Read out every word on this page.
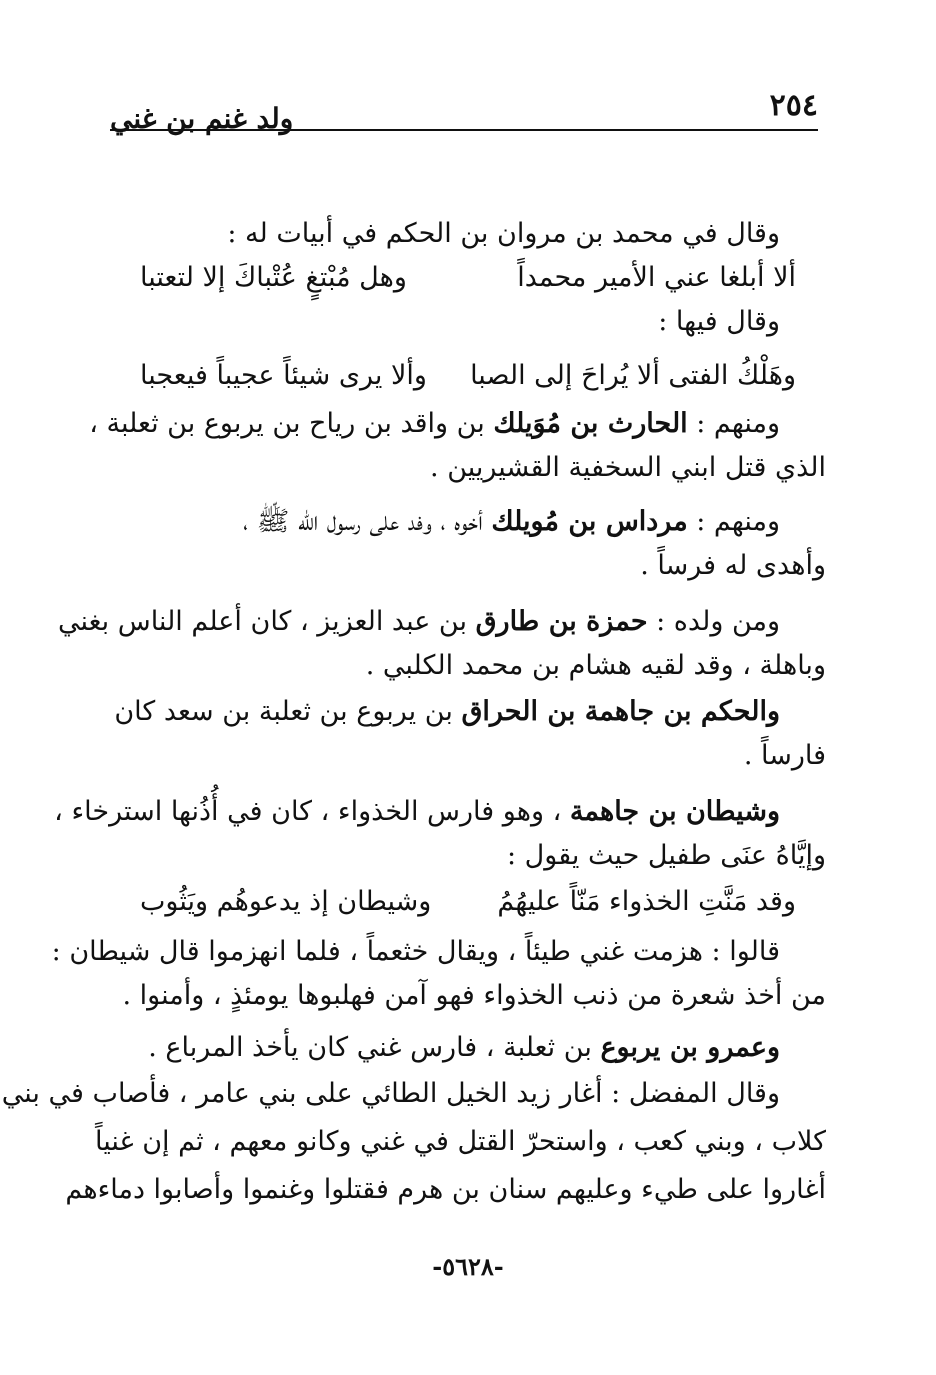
٢٥٤
ولد غنم بن غني
وقال في محمد بن مروان بن الحكم في أبيات له :
ألا أبلغا عني الأمير محمداً
وهل مُبْتغٍ عُتْباكَ إلا لتعتبا
وقال فيها :
وهَلْكُ الفتى ألا يُراحَ إلى الصبا
وألا يرى شيئاً عجيباً فيعجبا
ومنهم : الحارث بن مُوَيلك بن واقد بن رياح بن يربوع بن ثعلبة ،
الذي قتل ابني السخفية القشيريين .
ومنهم : مرداس بن مُويلك أخوه ، وفد على رسول الله ﷺ ،
وأهدى له فرساً .
ومن ولده : حمزة بن طارق بن عبد العزيز ، كان أعلم الناس بغني
وباهلة ، وقد لقيه هشام بن محمد الكلبي .
والحكم بن جاهمة بن الحراق بن يربوع بن ثعلبة بن سعد كان
فارساً .
وشيطان بن جاهمة ، وهو فارس الخذواء ، كان في أُذُنها استرخاء ،
وإيَّاهُ عنَى طفيل حيث يقول :
وقد مَنَّتِ الخذواء مَنّاً عليهُمُ
وشيطان إذ يدعوهُم ويَثُوب
قالوا : هزمت غني طيئاً ، ويقال خثعماً ، فلما انهزموا قال شيطان :
من أخذ شعرة من ذنب الخذواء فهو آمن فهلبوها يومئذٍ ، وأمنوا .
وعمرو بن يربوع بن ثعلبة ، فارس غني كان يأخذ المرباع .
وقال المفضل : أغار زيد الخيل الطائي على بني عامر ، فأصاب في بني
كلاب ، وبني كعب ، واستحرّ القتل في غني وكانو معهم ، ثم إن غنياً
أغاروا على طيء وعليهم سنان بن هرم فقتلوا وغنموا وأصابوا دماءهم
-٥٦٢٨-
